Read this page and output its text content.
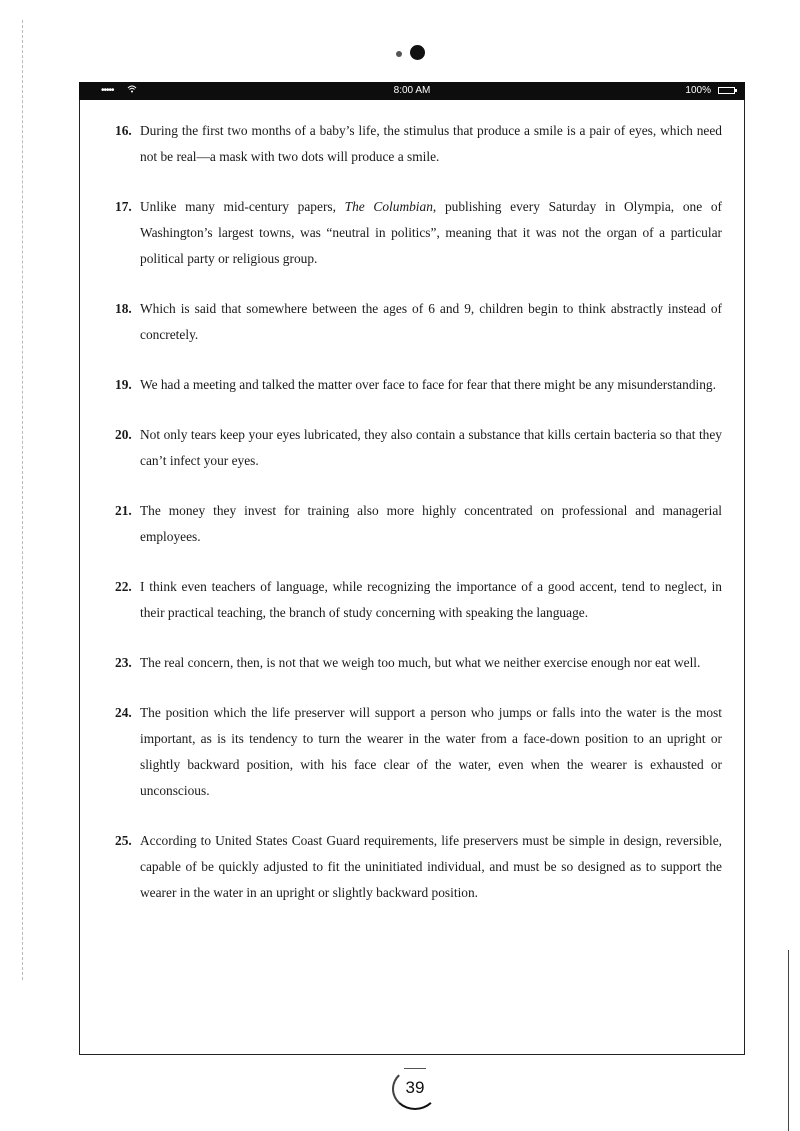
•••••	8:00 AM	100%
16. During the first two months of a baby’s life, the stimulus that produce a smile is a pair of eyes, which need not be real—a mask with two dots will produce a smile.
17. Unlike many mid-century papers, The Columbian, publishing every Saturday in Olympia, one of Washington’s largest towns, was “neutral in politics”, meaning that it was not the organ of a particular political party or religious group.
18. Which is said that somewhere between the ages of 6 and 9, children begin to think abstractly instead of concretely.
19. We had a meeting and talked the matter over face to face for fear that there might be any misunderstanding.
20. Not only tears keep your eyes lubricated, they also contain a substance that kills certain bacteria so that they can’t infect your eyes.
21. The money they invest for training also more highly concentrated on professional and managerial employees.
22. I think even teachers of language, while recognizing the importance of a good accent, tend to neglect, in their practical teaching, the branch of study concerning with speaking the language.
23. The real concern, then, is not that we weigh too much, but what we neither exercise enough nor eat well.
24. The position which the life preserver will support a person who jumps or falls into the water is the most important, as is its tendency to turn the wearer in the water from a face-down position to an upright or slightly backward position, with his face clear of the water, even when the wearer is exhausted or unconscious.
25. According to United States Coast Guard requirements, life preservers must be simple in design, reversible, capable of be quickly adjusted to fit the uninitiated individual, and must be so designed as to support the wearer in the water in an upright or slightly backward position.
39
